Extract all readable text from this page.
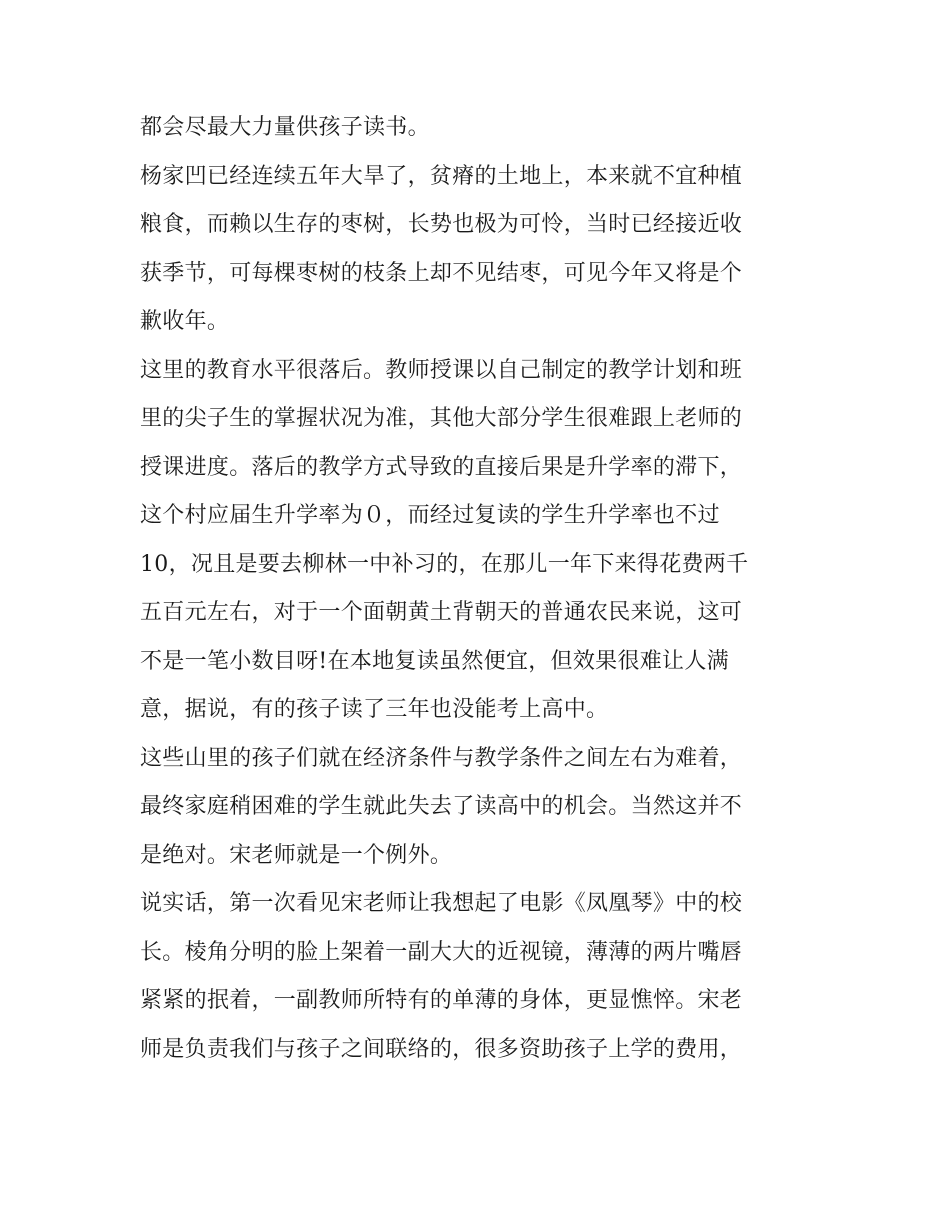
都会尽最大力量供孩子读书。

杨家凹已经连续五年大旱了，贫瘠的土地上，本来就不宜种植
粮食，而赖以生存的枣树，长势也极为可怜，当时已经接近收
获季节，可每棵枣树的枝条上却不见结枣，可见今年又将是个
歉收年。

这里的教育水平很落后。教师授课以自己制定的教学计划和班
里的尖子生的掌握状况为准，其他大部分学生很难跟上老师的
授课进度。落后的教学方式导致的直接后果是升学率的滞下，
这个村应届生升学率为０，而经过复读的学生升学率也不过
10，况且是要去柳林一中补习的，在那儿一年下来得花费两千
五百元左右，对于一个面朝黄土背朝天的普通农民来说，这可
不是一笔小数目呀!在本地复读虽然便宜，但效果很难让人满
意，据说，有的孩子读了三年也没能考上高中。

这些山里的孩子们就在经济条件与教学条件之间左右为难着，
最终家庭稍困难的学生就此失去了读高中的机会。当然这并不
是绝对。宋老师就是一个例外。

说实话，第一次看见宋老师让我想起了电影《凤凰琴》中的校
长。棱角分明的脸上架着一副大大的近视镜，薄薄的两片嘴唇
紧紧的抿着，一副教师所特有的单薄的身体，更显憔悴。宋老
师是负责我们与孩子之间联络的，很多资助孩子上学的费用，
